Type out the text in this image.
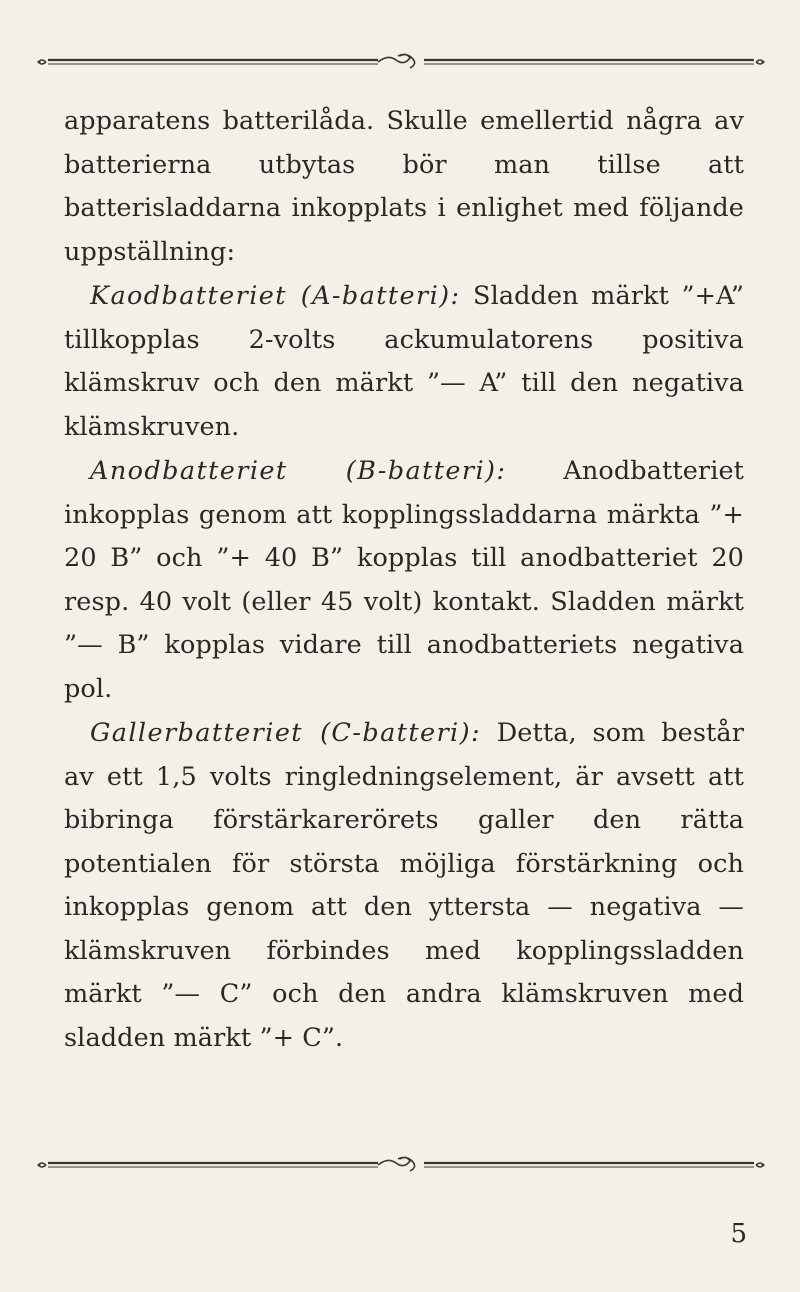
apparatens batterilåda. Skulle emellertid några av batterierna utbytas bör man tillse att batterisladdarna inkopplats i enlighet med följande uppställning:

Kaodbatteriet (A-batteri): Sladden märkt ”+A” tillkopplas 2-volts ackumulatorens positiva klämskruv och den märkt ”— A” till den negativa klämskruven.

Anodbatteriet (B-batteri): Anodbatteriet inkopplas genom att kopplingssladdarna märkta ”+ 20 B” och ”+ 40 B” kopplas till anodbatteriet 20 resp. 40 volt (eller 45 volt) kontakt. Sladden märkt ”— B” kopplas vidare till anodbatteriets negativa pol.

Gallerbatteriet (C-batteri): Detta, som består av ett 1,5 volts ringledningselement, är avsett att bibringa förstärkarerörets galler den rätta potentialen för största möjliga förstärkning och inkopplas genom att den yttersta — negativa — klämskruven förbindes med kopplingssladden märkt ”— C” och den andra klämskruven med sladden märkt ”+ C”.

5
